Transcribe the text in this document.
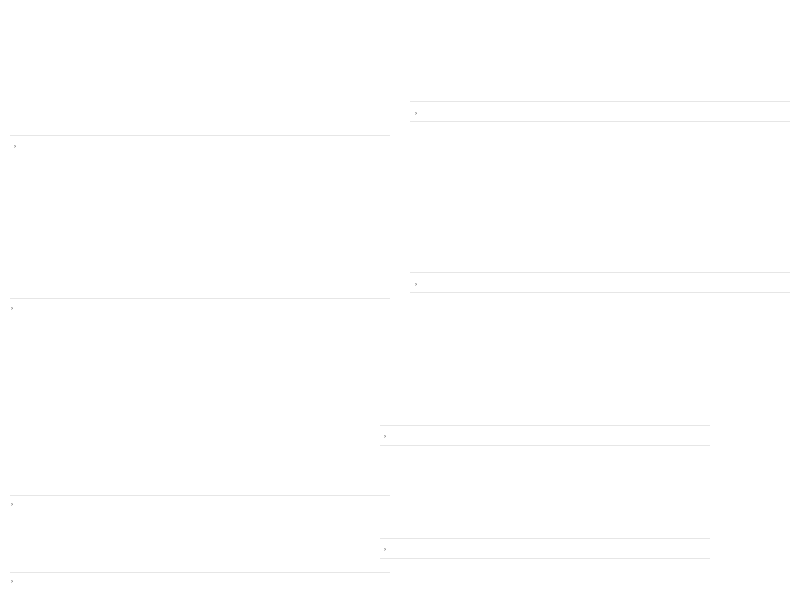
›
›
›
›
›
›
›
›
